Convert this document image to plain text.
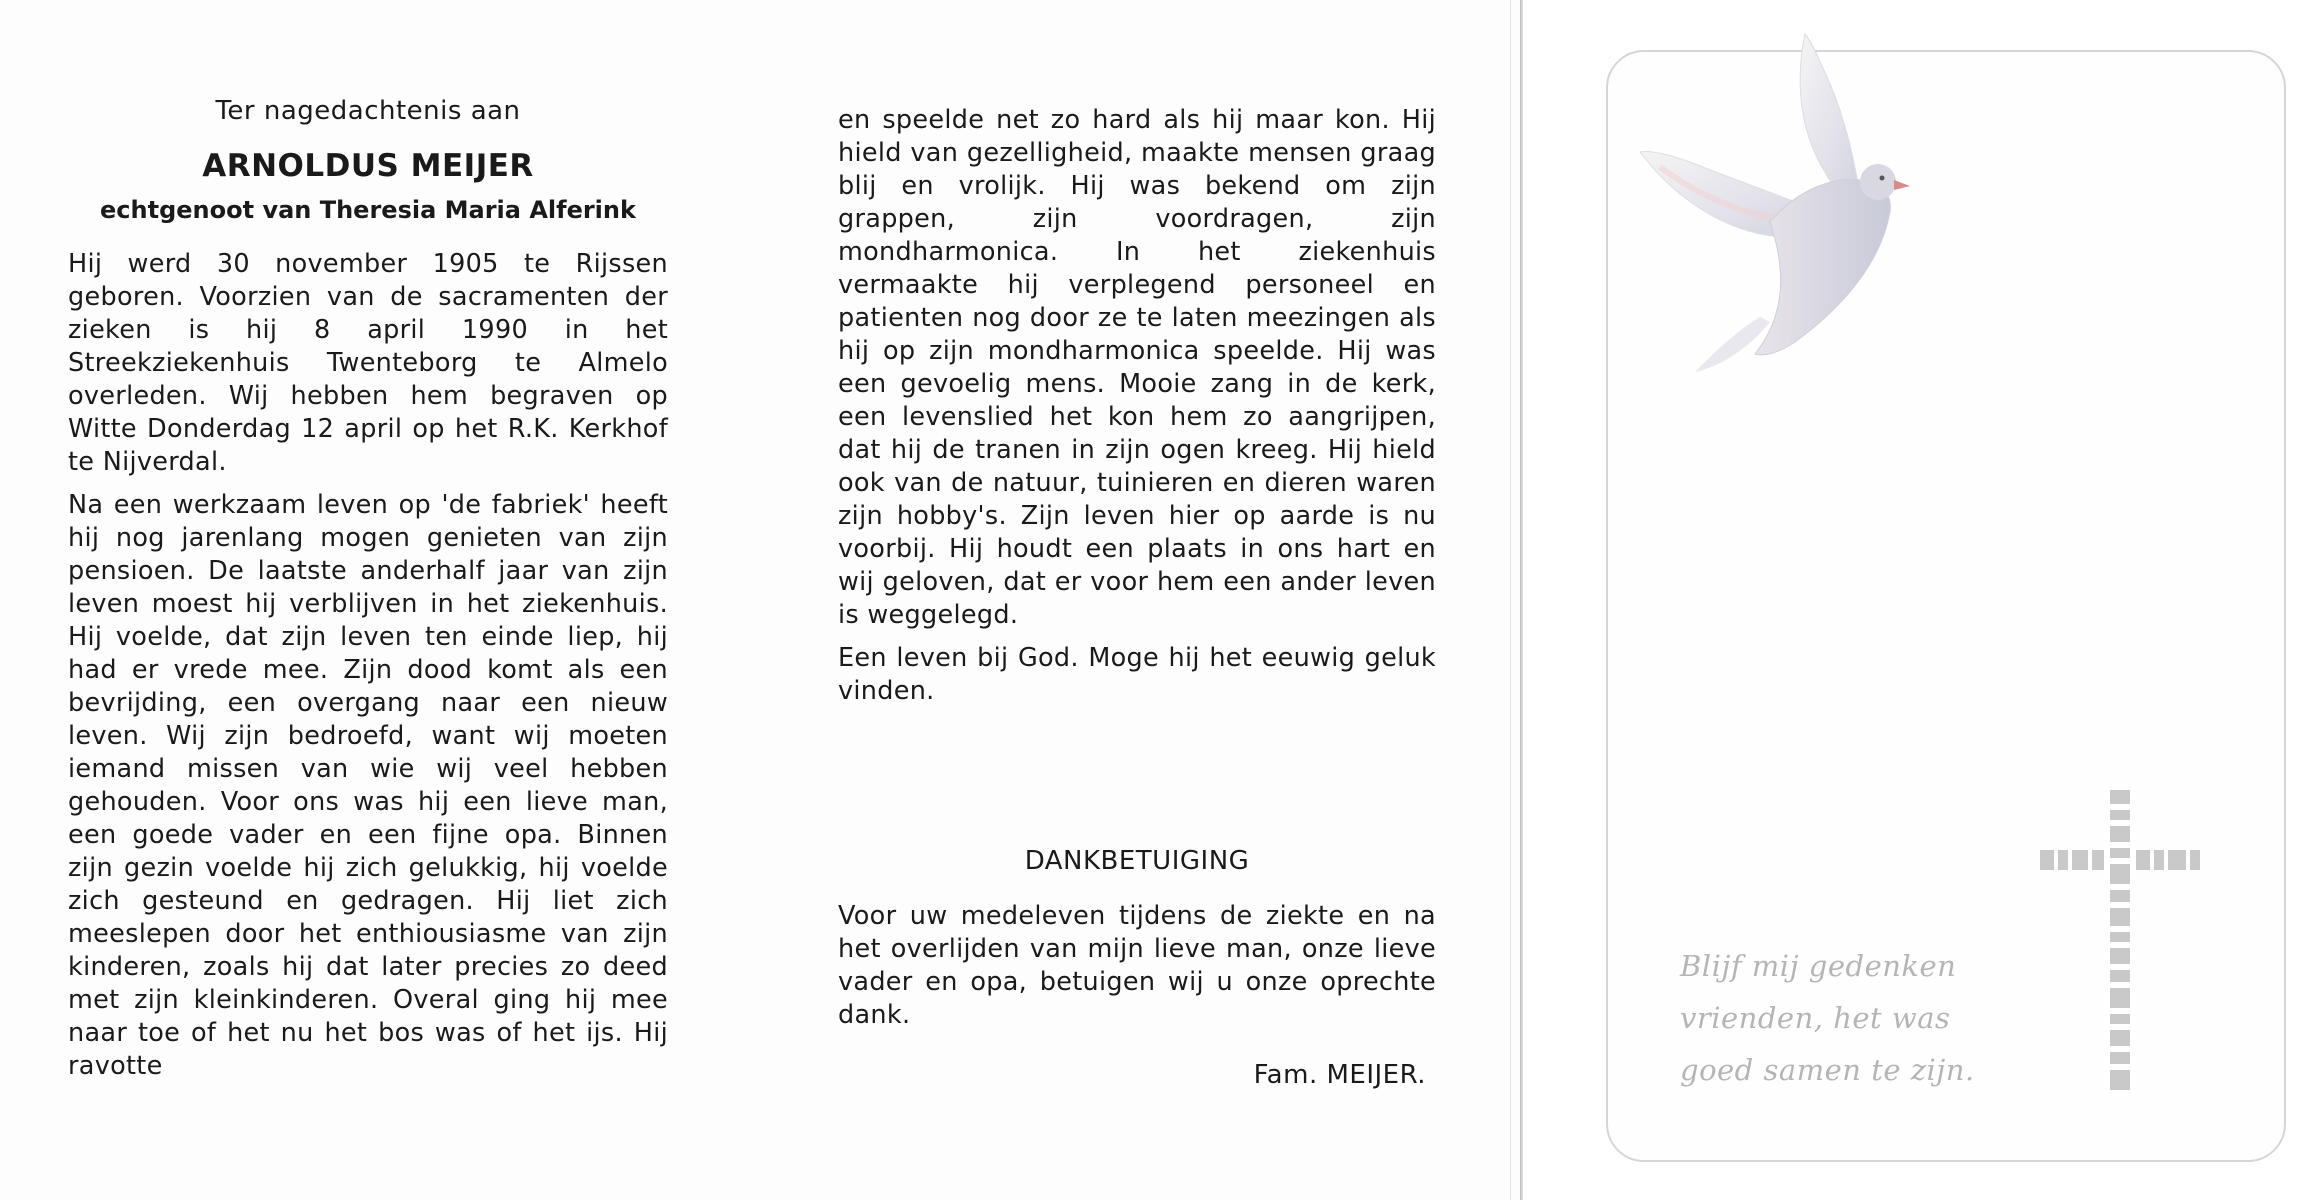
Ter nagedachtenis aan

ARNOLDUS MEIJER

echtgenoot van Theresia Maria Alferink

Hij werd 30 november 1905 te Rijssen geboren. Voorzien van de sacramenten der zieken is hij 8 april 1990 in het Streekziekenhuis Twenteborg te Almelo overleden. Wij hebben hem begraven op Witte Donderdag 12 april op het R.K. Kerkhof te Nijverdal.

Na een werkzaam leven op 'de fabriek' heeft hij nog jarenlang mogen genieten van zijn pensioen. De laatste anderhalf jaar van zijn leven moest hij verblijven in het ziekenhuis. Hij voelde, dat zijn leven ten einde liep, hij had er vrede mee. Zijn dood komt als een bevrijding, een overgang naar een nieuw leven. Wij zijn bedroefd, want wij moeten iemand missen van wie wij veel hebben gehouden. Voor ons was hij een lieve man, een goede vader en een fijne opa. Binnen zijn gezin voelde hij zich gelukkig, hij voelde zich gesteund en gedragen. Hij liet zich meeslepen door het enthiousiasme van zijn kinderen, zoals hij dat later precies zo deed met zijn kleinkinderen. Overal ging hij mee naar toe of het nu het bos was of het ijs. Hij ravotte

en speelde net zo hard als hij maar kon. Hij hield van gezelligheid, maakte mensen graag blij en vrolijk. Hij was bekend om zijn grappen, zijn voordragen, zijn mondharmonica. In het ziekenhuis vermaakte hij verplegend personeel en patienten nog door ze te laten meezingen als hij op zijn mondharmonica speelde. Hij was een gevoelig mens. Mooie zang in de kerk, een levenslied het kon hem zo aangrijpen, dat hij de tranen in zijn ogen kreeg. Hij hield ook van de natuur, tuinieren en dieren waren zijn hobby's. Zijn leven hier op aarde is nu voorbij. Hij houdt een plaats in ons hart en wij geloven, dat er voor hem een ander leven is weggelegd.

Een leven bij God. Moge hij het eeuwig geluk vinden.

DANKBETUIGING

Voor uw medeleven tijdens de ziekte en na het overlijden van mijn lieve man, onze lieve vader en opa, betuigen wij u onze oprechte dank.

Fam. MEIJER.
Blijf mij gedenken
vrienden, het was
goed samen te zijn.
